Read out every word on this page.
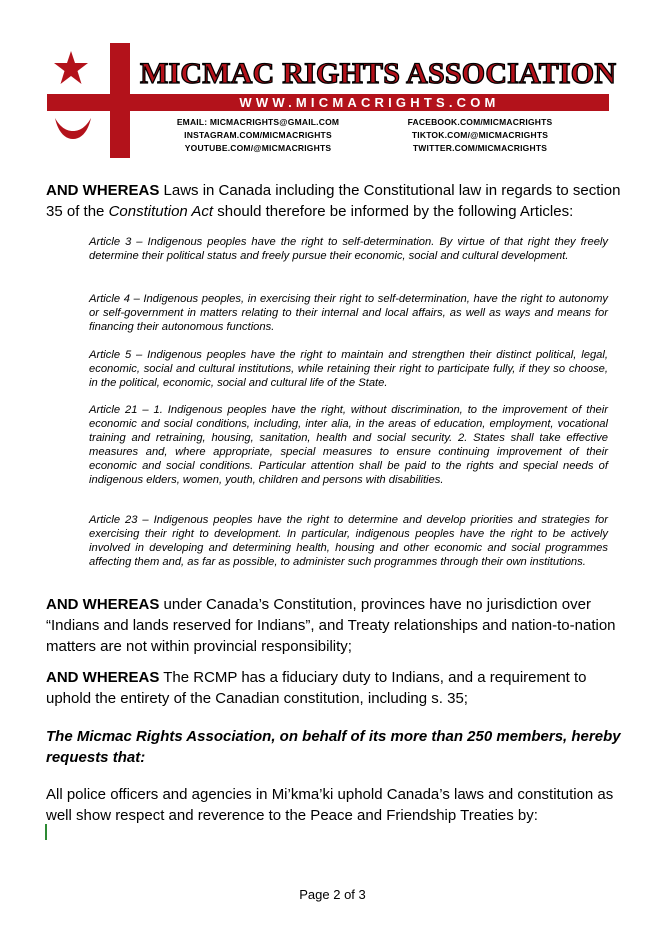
MICMAC RIGHTS ASSOCIATION
WWW.MICMACRIGHTS.COM
EMAIL: MICMACRIGHTS@GMAIL.COM
INSTAGRAM.COM/MICMACRIGHTS
YOUTUBE.COM/@MICMACRIGHTS
FACEBOOK.COM/MICMACRIGHTS
TIKTOK.COM/@MICMACRIGHTS
TWITTER.COM/MICMACRIGHTS
AND WHEREAS Laws in Canada including the Constitutional law in regards to section 35 of the Constitution Act should therefore be informed by the following Articles:
Article 3 – Indigenous peoples have the right to self-determination. By virtue of that right they freely determine their political status and freely pursue their economic, social and cultural development.
Article 4 – Indigenous peoples, in exercising their right to self-determination, have the right to autonomy or self-government in matters relating to their internal and local affairs, as well as ways and means for financing their autonomous functions.
Article 5 – Indigenous peoples have the right to maintain and strengthen their distinct political, legal, economic, social and cultural institutions, while retaining their right to participate fully, if they so choose, in the political, economic, social and cultural life of the State.
Article 21 – 1. Indigenous peoples have the right, without discrimination, to the improvement of their economic and social conditions, including, inter alia, in the areas of education, employment, vocational training and retraining, housing, sanitation, health and social security. 2. States shall take effective measures and, where appropriate, special measures to ensure continuing improvement of their economic and social conditions. Particular attention shall be paid to the rights and special needs of indigenous elders, women, youth, children and persons with disabilities.
Article 23 – Indigenous peoples have the right to determine and develop priorities and strategies for exercising their right to development. In particular, indigenous peoples have the right to be actively involved in developing and determining health, housing and other economic and social programmes affecting them and, as far as possible, to administer such programmes through their own institutions.
AND WHEREAS under Canada’s Constitution, provinces have no jurisdiction over “Indians and lands reserved for Indians”, and Treaty relationships and nation-to-nation matters are not within provincial responsibility;
AND WHEREAS The RCMP has a fiduciary duty to Indians, and a requirement to uphold the entirety of the Canadian constitution, including s. 35;
The Micmac Rights Association, on behalf of its more than 250 members, hereby requests that:
All police officers and agencies in Mi’kma’ki uphold Canada’s laws and constitution as well show respect and reverence to the Peace and Friendship Treaties by:
Page 2 of 3
